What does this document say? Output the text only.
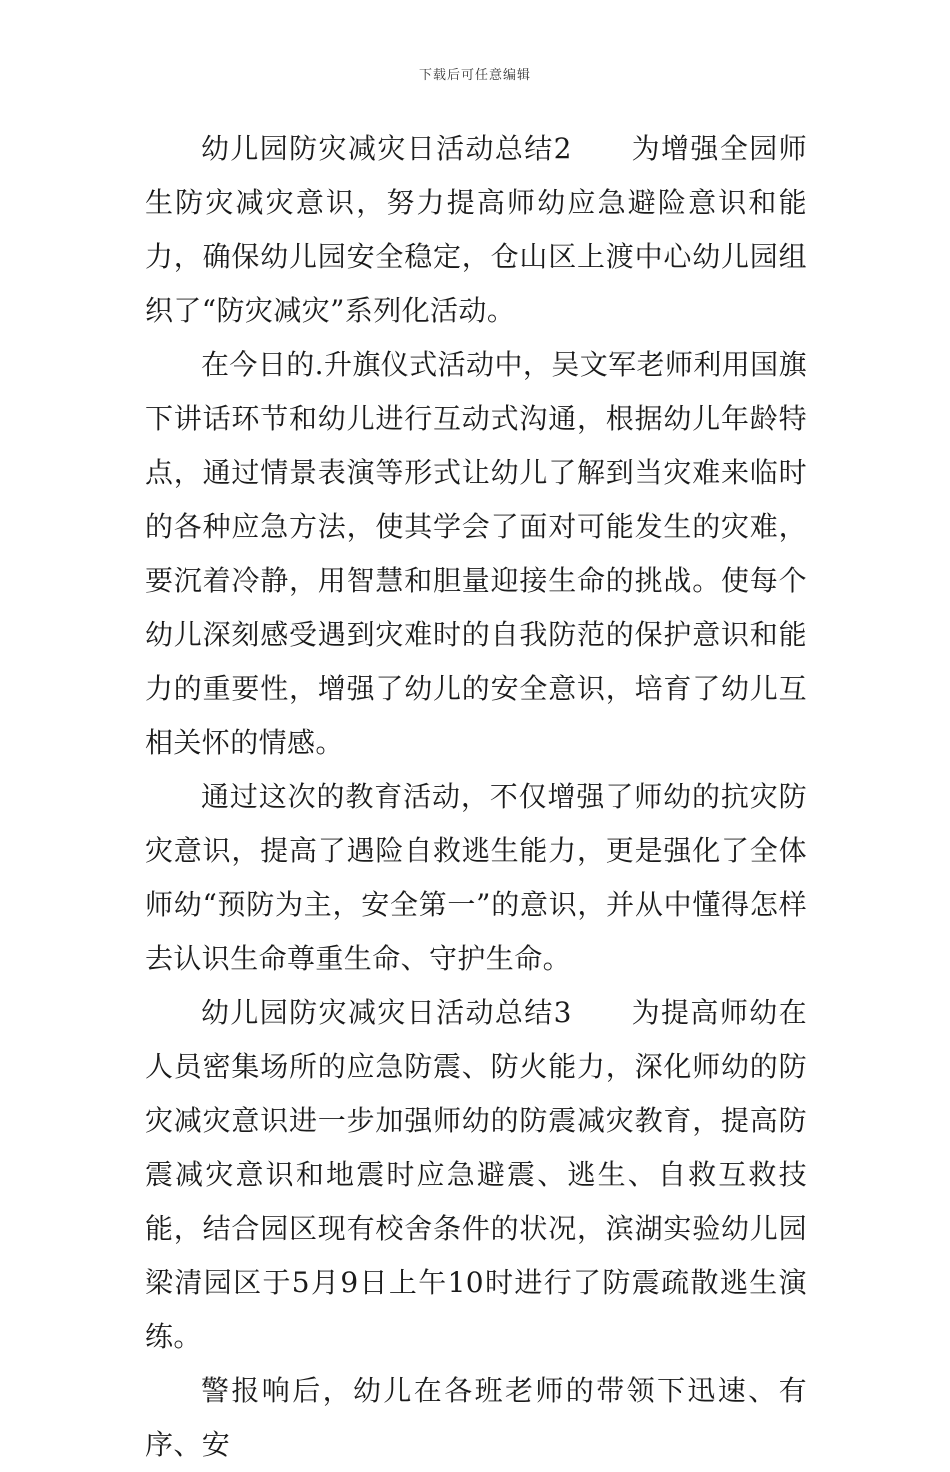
下载后可任意编辑

幼儿园防灾减灾日活动总结2　　为增强全园师生防灾减灾意识，努力提高师幼应急避险意识和能力，确保幼儿园安全稳定，仓山区上渡中心幼儿园组织了“防灾减灾”系列化活动。

在今日的.升旗仪式活动中，吴文军老师利用国旗下讲话环节和幼儿进行互动式沟通，根据幼儿年龄特点，通过情景表演等形式让幼儿了解到当灾难来临时的各种应急方法，使其学会了面对可能发生的灾难，要沉着冷静，用智慧和胆量迎接生命的挑战。使每个幼儿深刻感受遇到灾难时的自我防范的保护意识和能力的重要性，增强了幼儿的安全意识，培育了幼儿互相关怀的情感。

通过这次的教育活动，不仅增强了师幼的抗灾防灾意识，提高了遇险自救逃生能力，更是强化了全体师幼“预防为主，安全第一”的意识，并从中懂得怎样去认识生命尊重生命、守护生命。

幼儿园防灾减灾日活动总结3　　为提高师幼在人员密集场所的应急防震、防火能力，深化师幼的防灾减灾意识进一步加强师幼的防震减灾教育，提高防震减灾意识和地震时应急避震、逃生、自救互救技能，结合园区现有校舍条件的状况，滨湖实验幼儿园梁清园区于5月9日上午10时进行了防震疏散逃生演练。

警报响后，幼儿在各班老师的带领下迅速、有序、安
